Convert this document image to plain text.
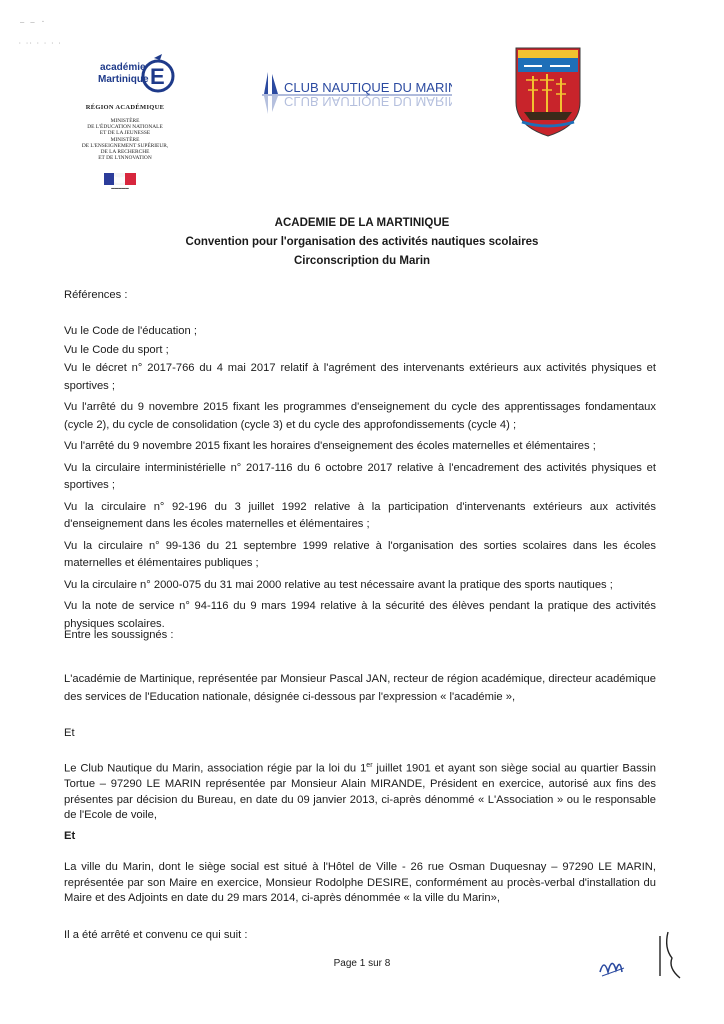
— — ·
· ·· · · · ·
académie
Martinique E
RÉGION ACADÉMIQUE
MINISTÈRE
DE L'ÉDUCATION NATIONALE
ET DE LA JEUNESSE
MINISTÈRE
DE L'ENSEIGNEMENT SUPÉRIEUR,
DE LA RECHERCHE
ET DE L'INNOVATION
▬▬▬▬▬
CLUB NAUTIQUE DU MARIN
CLUB NAUTIQUE DU MARIN
ACADEMIE DE LA MARTINIQUE
Convention pour l'organisation des activités nautiques scolaires
Circonscription du Marin
Références :
Vu le Code de l'éducation ;
Vu le Code du sport ;
Vu le décret n° 2017-766 du 4 mai 2017 relatif à l'agrément des intervenants extérieurs aux activités physiques et sportives ;
Vu l'arrêté du 9 novembre 2015 fixant les programmes d'enseignement du cycle des apprentissages fondamentaux (cycle 2), du cycle de consolidation (cycle 3) et du cycle des approfondissements (cycle 4) ;
Vu l'arrêté du 9 novembre 2015 fixant les horaires d'enseignement des écoles maternelles et élémentaires ;
Vu la circulaire interministérielle n° 2017-116 du 6 octobre 2017 relative à l'encadrement des activités physiques et sportives ;
Vu la circulaire n° 92-196 du 3 juillet 1992 relative à la participation d'intervenants extérieurs aux activités d'enseignement dans les écoles maternelles et élémentaires ;
Vu la circulaire n° 99-136 du 21 septembre 1999 relative à l'organisation des sorties scolaires dans les écoles maternelles et élémentaires publiques ;
Vu la circulaire n° 2000-075 du 31 mai 2000 relative au test nécessaire avant la pratique des sports nautiques ;
Vu la note de service n° 94-116 du 9 mars 1994 relative à la sécurité des élèves pendant la pratique des activités physiques scolaires.
Entre les soussignés :
L'académie de Martinique, représentée par Monsieur Pascal JAN, recteur de région académique, directeur académique des services de l'Education nationale, désignée ci-dessous par l'expression « l'académie »,
Et
Le Club Nautique du Marin, association régie par la loi du 1er juillet 1901 et ayant son siège social au quartier Bassin Tortue – 97290 LE MARIN représentée par Monsieur Alain MIRANDE, Président en exercice, autorisé aux fins des présentes par décision du Bureau, en date du 09 janvier 2013, ci-après dénommé « L'Association » ou le responsable de l'Ecole de voile,
Et
La ville du Marin, dont le siège social est situé à l'Hôtel de Ville - 26 rue Osman Duquesnay – 97290 LE MARIN, représentée par son Maire en exercice, Monsieur Rodolphe DESIRE, conformément au procès-verbal d'installation du Maire et des Adjoints en date du 29 mars 2014, ci-après dénommée « la ville du Marin»,
Il a été arrêté et convenu ce qui suit :
Page 1 sur 8
